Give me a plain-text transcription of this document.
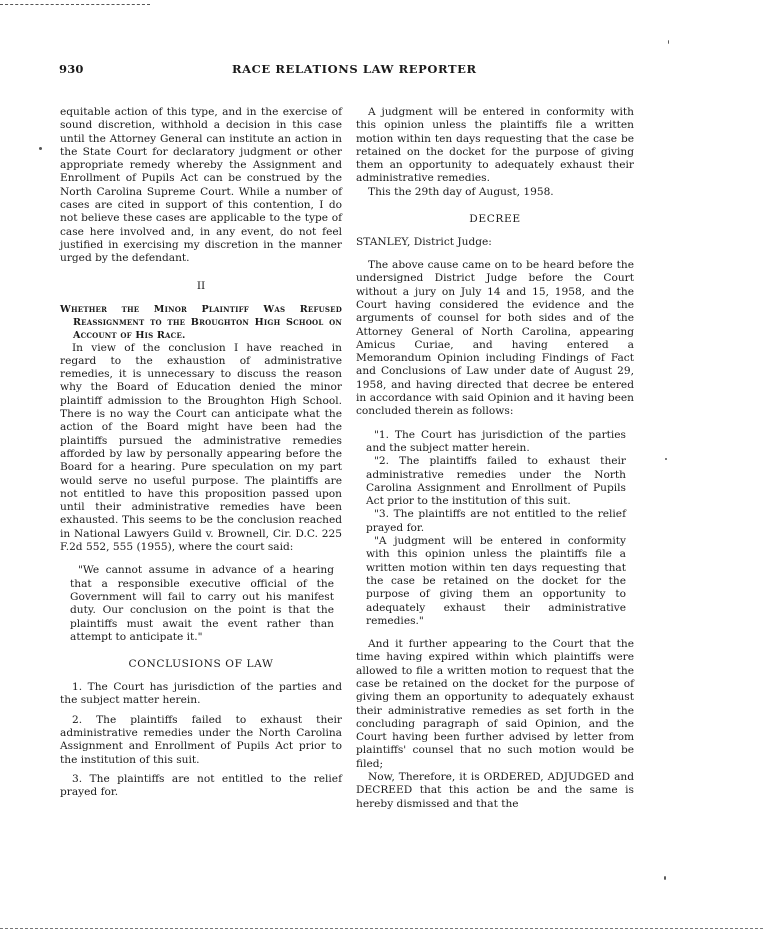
930	RACE RELATIONS LAW REPORTER

equitable action of this type, and in the exercise of sound discretion, withhold a decision in this case until the Attorney General can institute an action in the State Court for declaratory judgment or other appropriate remedy whereby the Assignment and Enrollment of Pupils Act can be construed by the North Carolina Supreme Court. While a number of cases are cited in support of this contention, I do not believe these cases are applicable to the type of case here involved and, in any event, do not feel justified in exercising my discretion in the manner urged by the defendant.

II
Whether the Minor Plaintiff Was Refused Reassignment to the Broughton High School on Account of His Race.

In view of the conclusion I have reached in regard to the exhaustion of administrative remedies, it is unnecessary to discuss the reason why the Board of Education denied the minor plaintiff admission to the Broughton High School. There is no way the Court can anticipate what the action of the Board might have been had the plaintiffs pursued the administrative remedies afforded by law by personally appearing before the Board for a hearing. Pure speculation on my part would serve no useful purpose. The plaintiffs are not entitled to have this proposition passed upon until their administrative remedies have been exhausted. This seems to be the conclusion reached in National Lawyers Guild v. Brownell, Cir. D.C. 225 F.2d 552, 555 (1955), where the court said:

"We cannot assume in advance of a hearing that a responsible executive official of the Government will fail to carry out his manifest duty. Our conclusion on the point is that the plaintiffs must await the event rather than attempt to anticipate it."

CONCLUSIONS OF LAW

1. The Court has jurisdiction of the parties and the subject matter herein.

2. The plaintiffs failed to exhaust their administrative remedies under the North Carolina Assignment and Enrollment of Pupils Act prior to the institution of this suit.

3. The plaintiffs are not entitled to the relief prayed for.

A judgment will be entered in conformity with this opinion unless the plaintiffs file a written motion within ten days requesting that the case be retained on the docket for the purpose of giving them an opportunity to adequately exhaust their administrative remedies.

This the 29th day of August, 1958.

DECREE
STANLEY, District Judge:

The above cause came on to be heard before the undersigned District Judge before the Court without a jury on July 14 and 15, 1958, and the Court having considered the evidence and the arguments of counsel for both sides and of the Attorney General of North Carolina, appearing Amicus Curiae, and having entered a Memorandum Opinion including Findings of Fact and Conclusions of Law under date of August 29, 1958, and having directed that decree be entered in accordance with said Opinion and it having been concluded therein as follows:

"1. The Court has jurisdiction of the parties and the subject matter herein.

"2. The plaintiffs failed to exhaust their administrative remedies under the North Carolina Assignment and Enrollment of Pupils Act prior to the institution of this suit.

"3. The plaintiffs are not entitled to the relief prayed for.

"A judgment will be entered in conformity with this opinion unless the plaintiffs file a written motion within ten days requesting that the case be retained on the docket for the purpose of giving them an opportunity to adequately exhaust their administrative remedies."

And it further appearing to the Court that the time having expired within which plaintiffs were allowed to file a written motion to request that the case be retained on the docket for the purpose of giving them an opportunity to adequately exhaust their administrative remedies as set forth in the concluding paragraph of said Opinion, and the Court having been further advised by letter from plaintiffs' counsel that no such motion would be filed;

Now, Therefore, it is ORDERED, ADJUDGED and DECREED that this action be and the same is hereby dismissed and that the
